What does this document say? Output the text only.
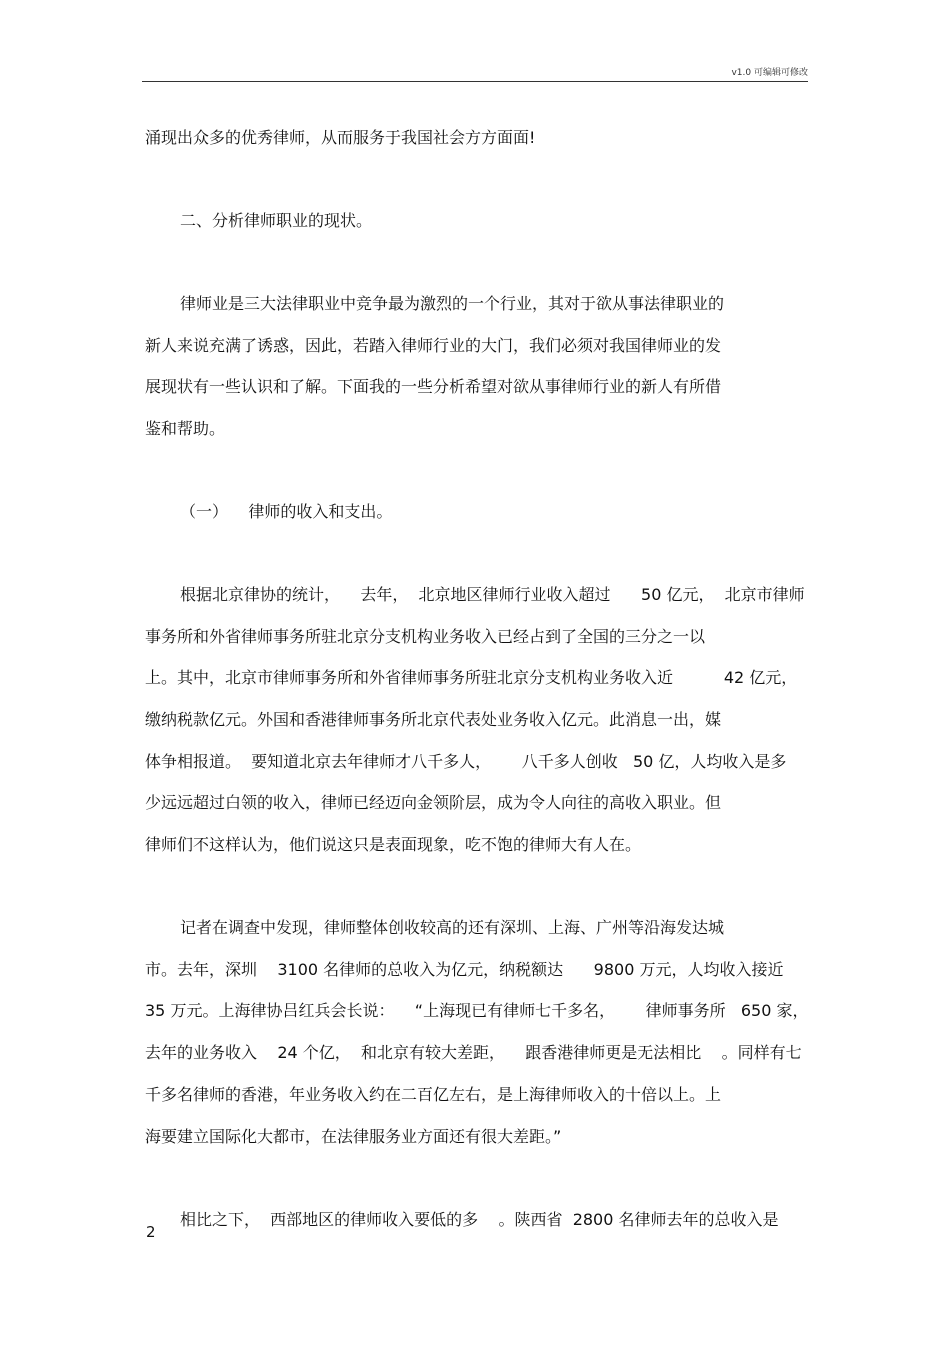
v1.0 可编辑可修改
涌现出众多的优秀律师，从而服务于我国社会方方面面!
二、分析律师职业的现状。
律师业是三大法律职业中竞争最为激烈的一个行业，其对于欲从事法律职业的
新人来说充满了诱惑，因此，若踏入律师行业的大门，我们必须对我国律师业的发
展现状有一些认识和了解。下面我的一些分析希望对欲从事律师行业的新人有所借
鉴和帮助。
（一）    律师的收入和支出。
根据北京律协的统计，    去年，  北京地区律师行业收入超过      50 亿元，  北京市律师
事务所和外省律师事务所驻北京分支机构业务收入已经占到了全国的三分之一以
上。其中，北京市律师事务所和外省律师事务所驻北京分支机构业务收入近          42 亿元，
缴纳税款亿元。外国和香港律师事务所北京代表处业务收入亿元。此消息一出，媒
体争相报道。  要知道北京去年律师才八千多人，      八千多人创收   50 亿，人均收入是多
少远远超过白领的收入，律师已经迈向金领阶层，成为令人向往的高收入职业。但
律师们不这样认为，他们说这只是表面现象，吃不饱的律师大有人在。
记者在调查中发现，律师整体创收较高的还有深圳、上海、广州等沿海发达城
市。去年，深圳    3100 名律师的总收入为亿元，纳税额达      9800 万元，人均收入接近
35 万元。上海律协吕红兵会长说：    “上海现已有律师七千多名，      律师事务所   650 家，
去年的业务收入    24 个亿，  和北京有较大差距，    跟香港律师更是无法相比    。同样有七
千多名律师的香港，年业务收入约在二百亿左右，是上海律师收入的十倍以上。上
海要建立国际化大都市，在法律服务业方面还有很大差距。”
相比之下，  西部地区的律师收入要低的多    。陕西省  2800 名律师去年的总收入是
2
